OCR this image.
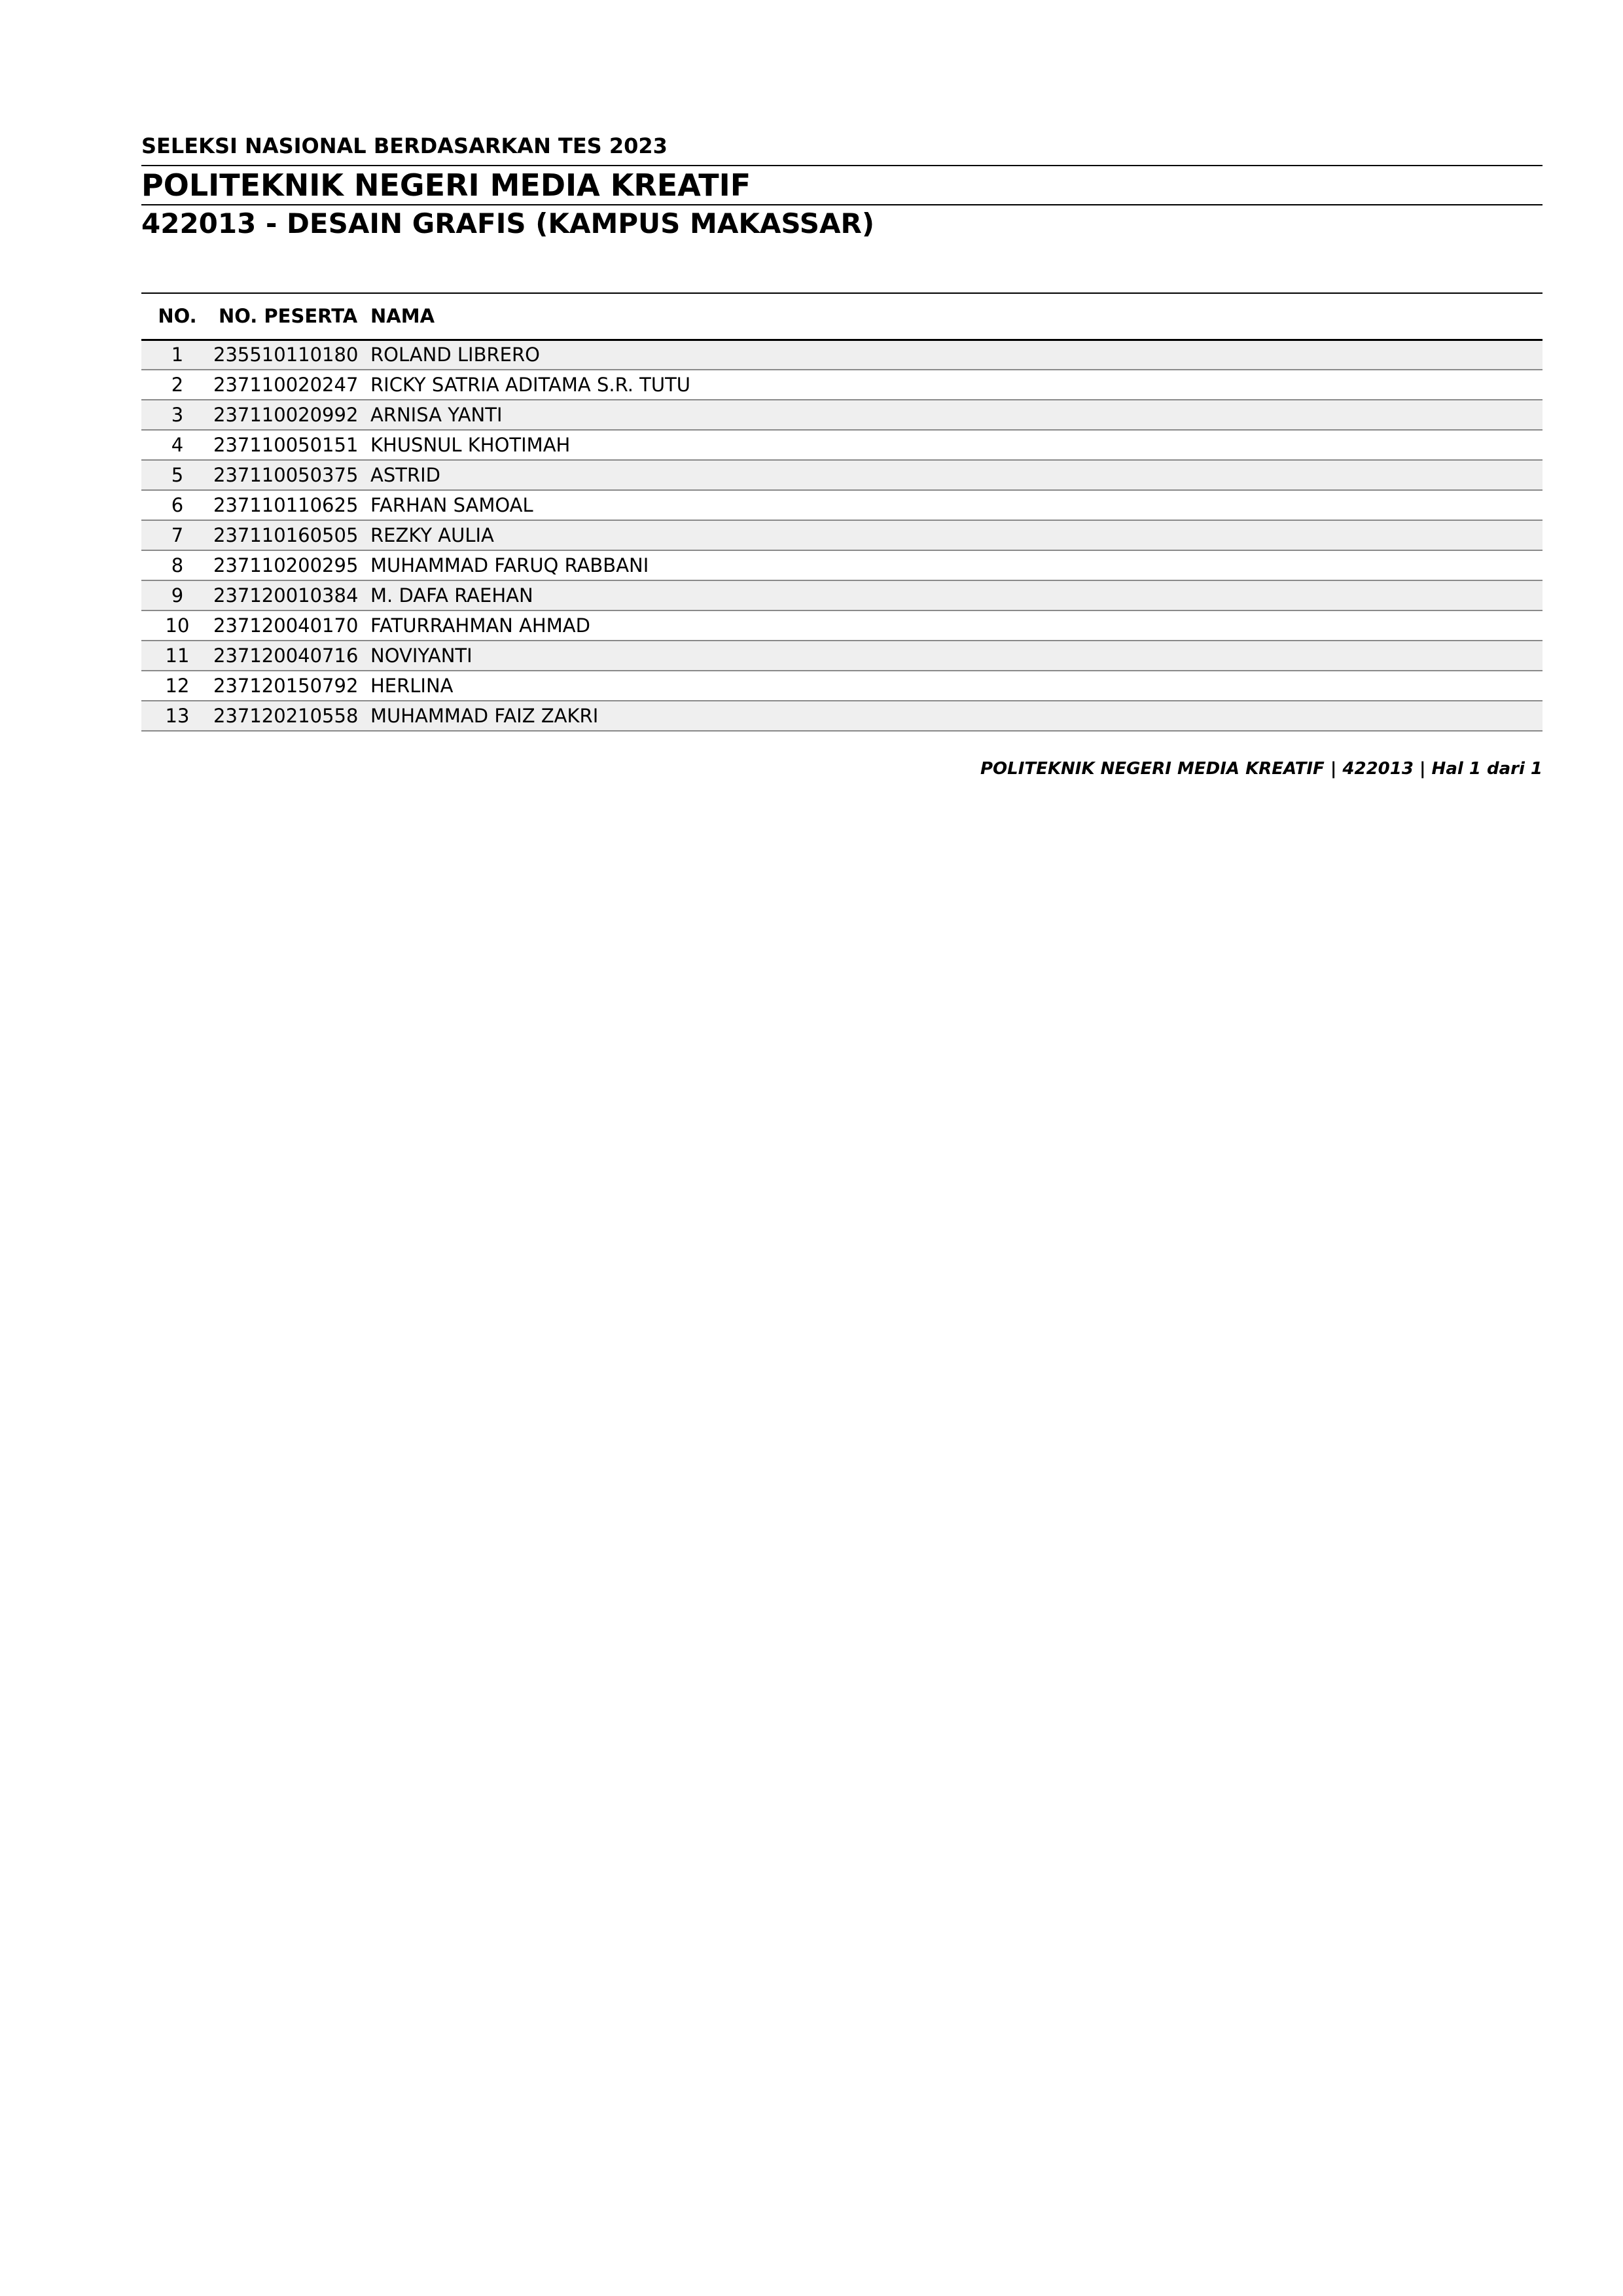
SELEKSI NASIONAL BERDASARKAN TES 2023
POLITEKNIK NEGERI MEDIA KREATIF
422013 - DESAIN GRAFIS (KAMPUS MAKASSAR)
NO.	NO. PESERTA	NAMA
1	235510110180	ROLAND LIBRERO
2	237110020247	RICKY SATRIA ADITAMA S.R. TUTU
3	237110020992	ARNISA YANTI
4	237110050151	KHUSNUL KHOTIMAH
5	237110050375	ASTRID
6	237110110625	FARHAN SAMOAL
7	237110160505	REZKY AULIA
8	237110200295	MUHAMMAD FARUQ RABBANI
9	237120010384	M. DAFA RAEHAN
10	237120040170	FATURRAHMAN AHMAD
11	237120040716	NOVIYANTI
12	237120150792	HERLINA
13	237120210558	MUHAMMAD FAIZ ZAKRI
POLITEKNIK NEGERI MEDIA KREATIF | 422013 | Hal 1 dari 1
